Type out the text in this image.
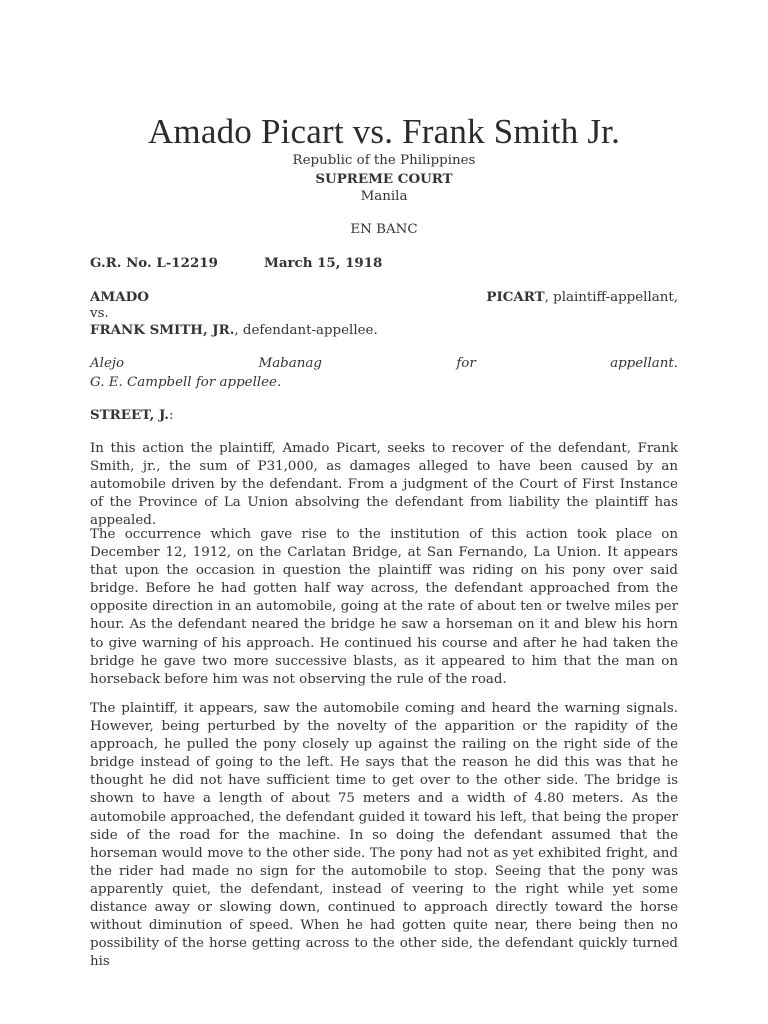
Amado Picart vs. Frank Smith Jr.
Republic of the Philippines
SUPREME COURT
Manila
EN BANC
G.R. No. L-12219	March 15, 1918
AMADO	PICART, plaintiff-appellant,
vs.
FRANK SMITH, JR., defendant-appellee.
Alejo	Mabanag	for	appellant.
G. E. Campbell for appellee.
STREET, J.:

In this action the plaintiff, Amado Picart, seeks to recover of the defendant, Frank Smith, jr., the sum of P31,000, as damages alleged to have been caused by an automobile driven by the defendant. From a judgment of the Court of First Instance of the Province of La Union absolving the defendant from liability the plaintiff has appealed.

The occurrence which gave rise to the institution of this action took place on December 12, 1912, on the Carlatan Bridge, at San Fernando, La Union. It appears that upon the occasion in question the plaintiff was riding on his pony over said bridge. Before he had gotten half way across, the defendant approached from the opposite direction in an automobile, going at the rate of about ten or twelve miles per hour. As the defendant neared the bridge he saw a horseman on it and blew his horn to give warning of his approach. He continued his course and after he had taken the bridge he gave two more successive blasts, as it appeared to him that the man on horseback before him was not observing the rule of the road.

The plaintiff, it appears, saw the automobile coming and heard the warning signals. However, being perturbed by the novelty of the apparition or the rapidity of the approach, he pulled the pony closely up against the railing on the right side of the bridge instead of going to the left. He says that the reason he did this was that he thought he did not have sufficient time to get over to the other side. The bridge is shown to have a length of about 75 meters and a width of 4.80 meters. As the automobile approached, the defendant guided it toward his left, that being the proper side of the road for the machine. In so doing the defendant assumed that the horseman would move to the other side. The pony had not as yet exhibited fright, and the rider had made no sign for the automobile to stop. Seeing that the pony was apparently quiet, the defendant, instead of veering to the right while yet some distance away or slowing down, continued to approach directly toward the horse without diminution of speed. When he had gotten quite near, there being then no possibility of the horse getting across to the other side, the defendant quickly turned his
